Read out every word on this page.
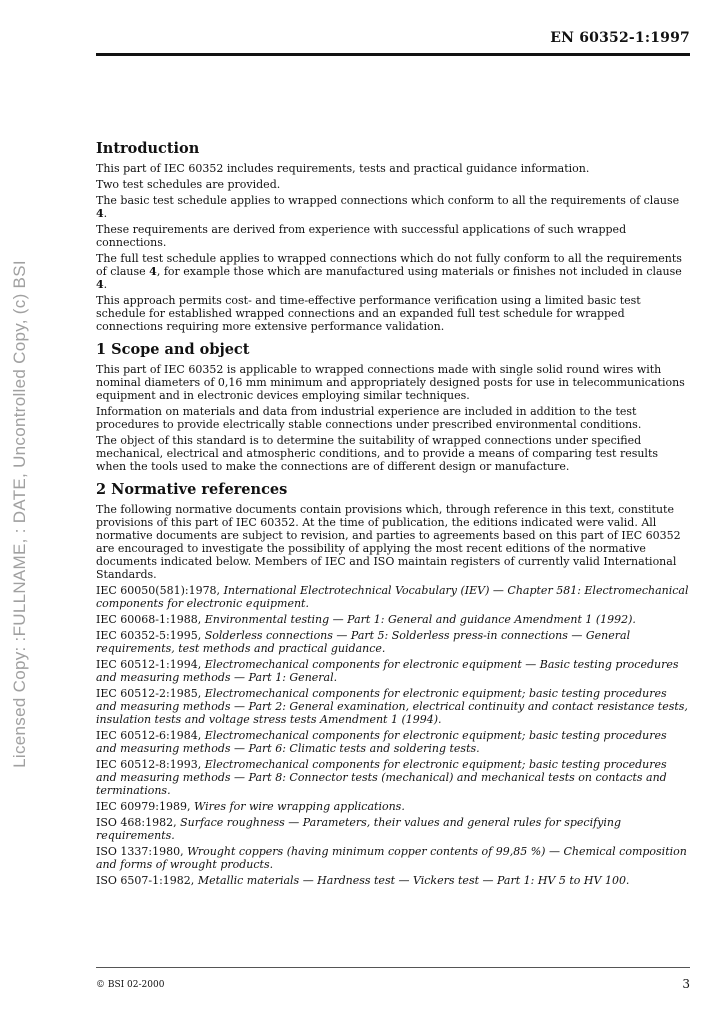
EN 60352-1:1997
Licensed Copy: :FULLNAME, : DATE, Uncontrolled Copy, (c) BSI
Introduction

This part of IEC 60352 includes requirements, tests and practical guidance information.

Two test schedules are provided.

The basic test schedule applies to wrapped connections which conform to all the requirements of clause 4.

These requirements are derived from experience with successful applications of such wrapped connections.

The full test schedule applies to wrapped connections which do not fully conform to all the requirements of clause 4, for example those which are manufactured using materials or finishes not included in clause 4.

This approach permits cost- and time-effective performance verification using a limited basic test schedule for established wrapped connections and an expanded full test schedule for wrapped connections requiring more extensive performance validation.

1 Scope and object

This part of IEC 60352 is applicable to wrapped connections made with single solid round wires with nominal diameters of 0,16 mm minimum and appropriately designed posts for use in telecommunications equipment and in electronic devices employing similar techniques.

Information on materials and data from industrial experience are included in addition to the test procedures to provide electrically stable connections under prescribed environmental conditions.

The object of this standard is to determine the suitability of wrapped connections under specified mechanical, electrical and atmospheric conditions, and to provide a means of comparing test results when the tools used to make the connections are of different design or manufacture.

2 Normative references

The following normative documents contain provisions which, through reference in this text, constitute provisions of this part of IEC 60352. At the time of publication, the editions indicated were valid. All normative documents are subject to revision, and parties to agreements based on this part of IEC 60352 are encouraged to investigate the possibility of applying the most recent editions of the normative documents indicated below. Members of IEC and ISO maintain registers of currently valid International Standards.

IEC 60050(581):1978, International Electrotechnical Vocabulary (IEV) — Chapter 581: Electromechanical components for electronic equipment.

IEC 60068-1:1988, Environmental testing — Part 1: General and guidance Amendment 1 (1992).

IEC 60352-5:1995, Solderless connections — Part 5: Solderless press-in connections — General requirements, test methods and practical guidance.

IEC 60512-1:1994, Electromechanical components for electronic equipment — Basic testing procedures and measuring methods — Part 1: General.

IEC 60512-2:1985, Electromechanical components for electronic equipment; basic testing procedures and measuring methods — Part 2: General examination, electrical continuity and contact resistance tests, insulation tests and voltage stress tests Amendment 1 (1994).

IEC 60512-6:1984, Electromechanical components for electronic equipment; basic testing procedures and measuring methods — Part 6: Climatic tests and soldering tests.

IEC 60512-8:1993, Electromechanical components for electronic equipment; basic testing procedures and measuring methods — Part 8: Connector tests (mechanical) and mechanical tests on contacts and terminations.

IEC 60979:1989, Wires for wire wrapping applications.

ISO 468:1982, Surface roughness — Parameters, their values and general rules for specifying requirements.

ISO 1337:1980, Wrought coppers (having minimum copper contents of 99,85 %) — Chemical composition and forms of wrought products.

ISO 6507-1:1982, Metallic materials — Hardness test — Vickers test — Part 1: HV 5 to HV 100.

© BSI 02-2000	3
